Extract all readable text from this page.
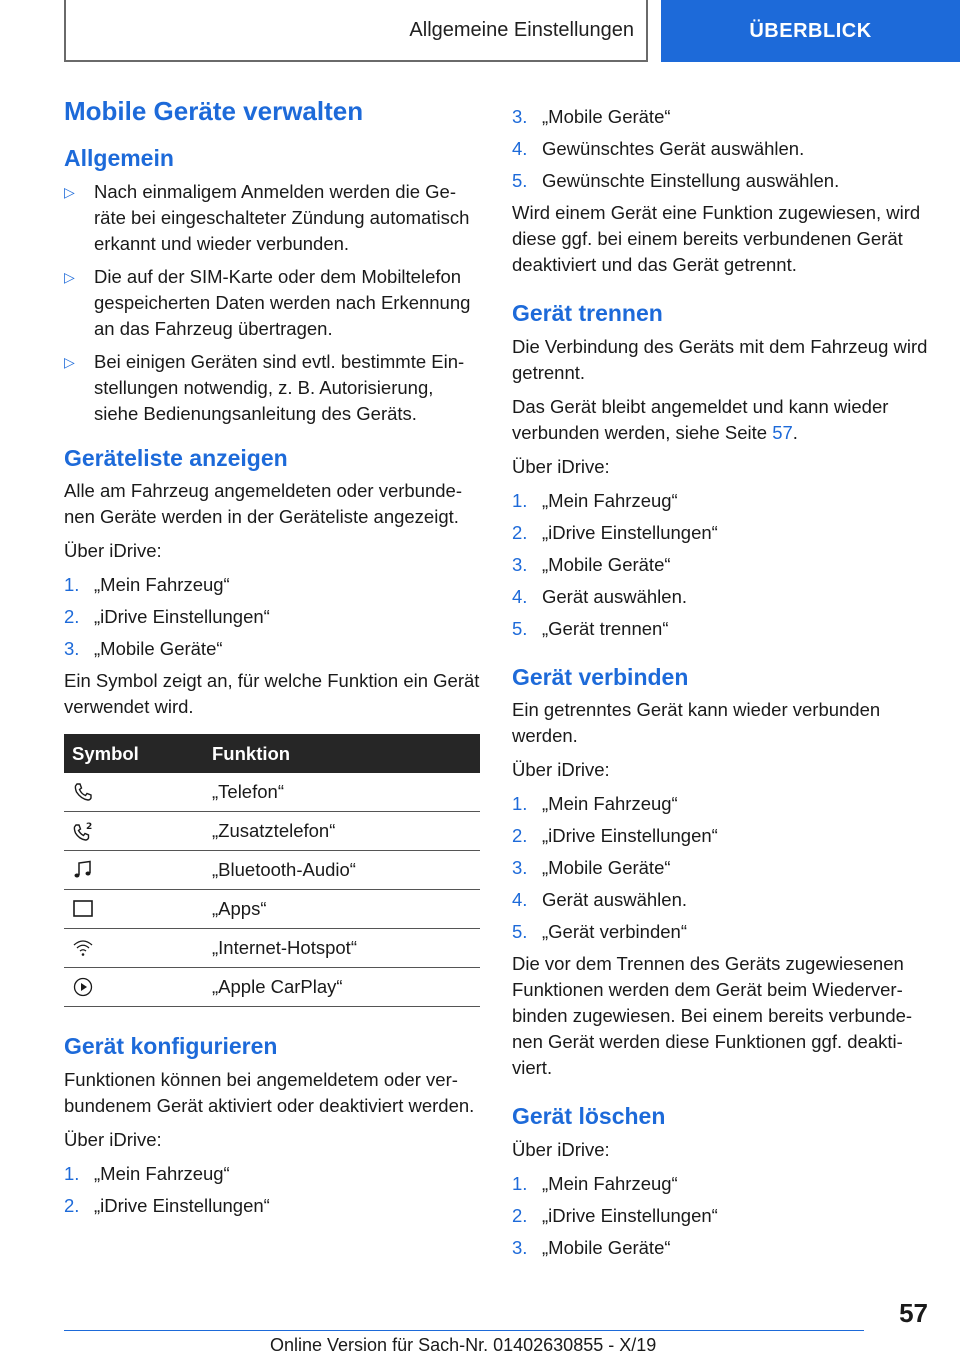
Allgemeine Einstellungen	ÜBERBLICK
Mobile Geräte verwalten
Allgemein
▷ Nach einmaligem Anmelden werden die Geräte bei eingeschalteter Zündung automatisch erkannt und wieder verbunden.
▷ Die auf der SIM-Karte oder dem Mobiltelefon gespeicherten Daten werden nach Erkennung an das Fahrzeug übertragen.
▷ Bei einigen Geräten sind evtl. bestimmte Einstellungen notwendig, z. B. Autorisierung, siehe Bedienungsanleitung des Geräts.
Geräteliste anzeigen

Alle am Fahrzeug angemeldeten oder verbundenen Geräte werden in der Geräteliste angezeigt.

Über iDrive:

1. „Mein Fahrzeug“
2. „iDrive Einstellungen“
3. „Mobile Geräte“

Ein Symbol zeigt an, für welche Funktion ein Gerät verwendet wird.

Symbol	Funktion

	„Telefon“

2	„Zusatztelefon“

	„Bluetooth-Audio“

	„Apps“

	„Internet-Hotspot“

	„Apple CarPlay“
Gerät konfigurieren

Funktionen können bei angemeldetem oder verbundenem Gerät aktiviert oder deaktiviert werden.

Über iDrive:

1. „Mein Fahrzeug“
2. „iDrive Einstellungen“
3. „Mobile Geräte“
4. Gewünschtes Gerät auswählen.
5. Gewünschte Einstellung auswählen.

Wird einem Gerät eine Funktion zugewiesen, wird diese ggf. bei einem bereits verbundenen Gerät deaktiviert und das Gerät getrennt.

Gerät trennen

Die Verbindung des Geräts mit dem Fahrzeug wird getrennt.

Das Gerät bleibt angemeldet und kann wieder verbunden werden, siehe Seite 57.

Über iDrive:

1. „Mein Fahrzeug“
2. „iDrive Einstellungen“
3. „Mobile Geräte“
4. Gerät auswählen.
5. „Gerät trennen“
Gerät verbinden

Ein getrenntes Gerät kann wieder verbunden werden.

Über iDrive:

1. „Mein Fahrzeug“
2. „iDrive Einstellungen“
3. „Mobile Geräte“
4. Gerät auswählen.
5. „Gerät verbinden“

Die vor dem Trennen des Geräts zugewiesenen Funktionen werden dem Gerät beim Wiederverbinden zugewiesen. Bei einem bereits verbundenen Gerät werden diese Funktionen ggf. deaktiviert.

Gerät löschen

Über iDrive:

1. „Mein Fahrzeug“
2. „iDrive Einstellungen“
3. „Mobile Geräte“
57
Online Version für Sach-Nr. 01402630855 - X/19
